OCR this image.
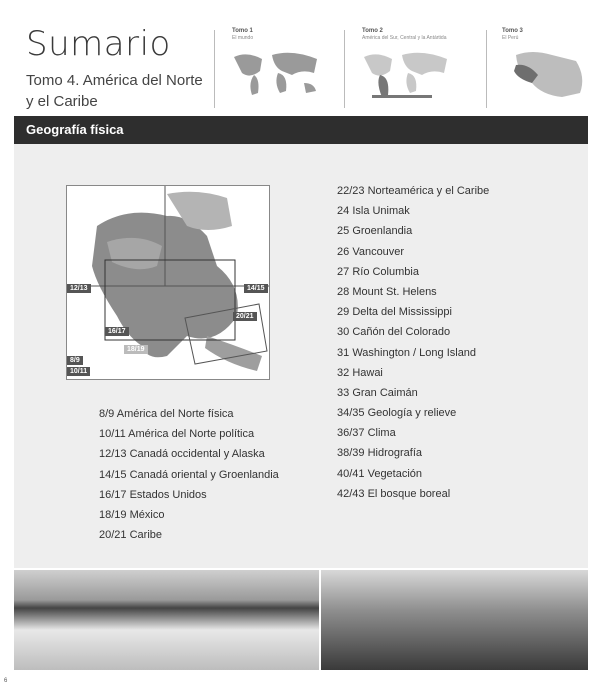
Sumario
Tomo 4. América del Norte y el Caribe
Tomo 1
El mundo
Tomo 2
América del Sur, Central y la Antártida
Tomo 3
El Perú
Geografía física
12/13	14/15
16/17
18/19
20/21
8/9
10/11
8/9 América del Norte física
10/11 América del Norte política
12/13 Canadá occidental y Alaska
14/15 Canadá oriental y Groenlandia
16/17 Estados Unidos
18/19 México
20/21 Caribe
22/23 Norteamérica y el Caribe
24 Isla Unimak
25 Groenlandia
26 Vancouver
27 Río Columbia
28 Mount St. Helens
29 Delta del Mississippi
30 Cañón del Colorado
31 Washington / Long Island
32 Hawai
33 Gran Caimán
34/35 Geología y relieve
36/37 Clima
38/39 Hidrografía
40/41 Vegetación
42/43 El bosque boreal
6
